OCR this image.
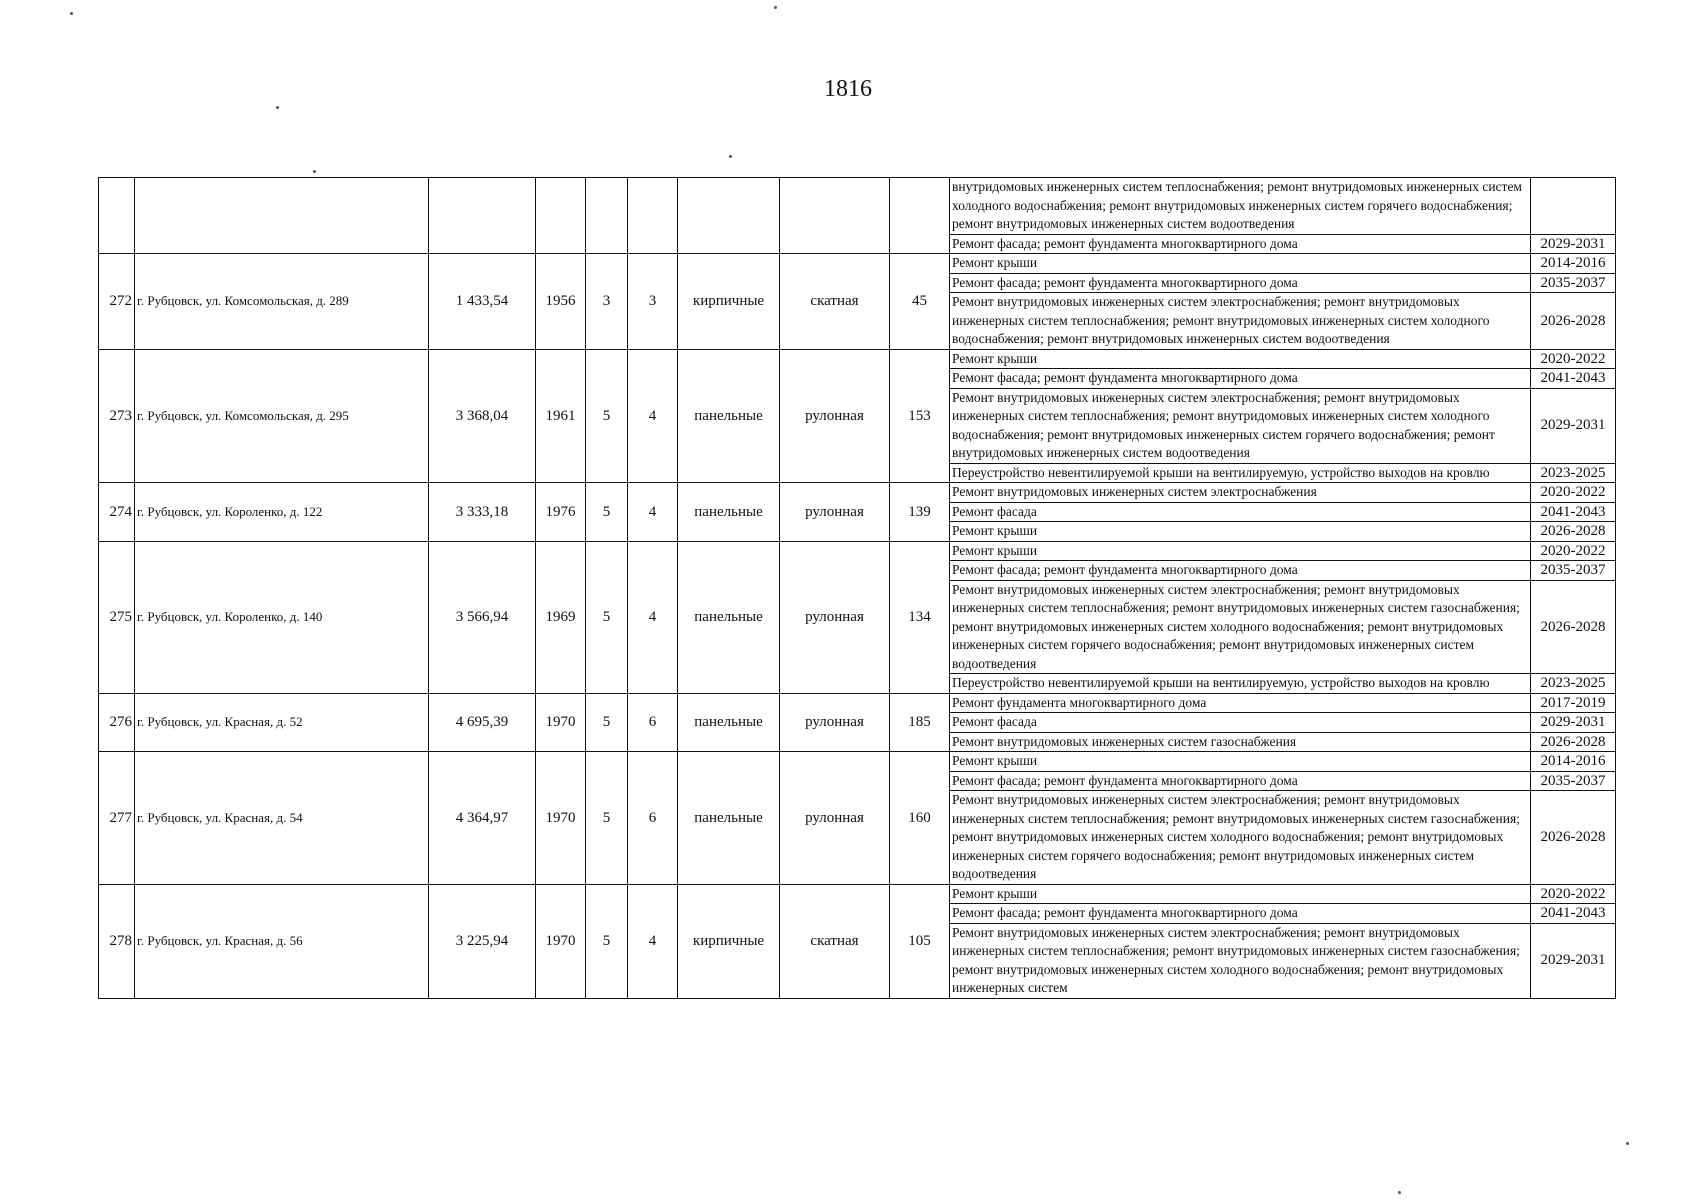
1816
									внутридомовых инженерных систем теплоснабжения; ремонт внутридомовых инженерных систем холодного водоснабжения; ремонт внутридомовых инженерных систем горячего водоснабжения; ремонт внутридомовых инженерных систем водоотведения	
									Ремонт фасада; ремонт фундамента многоквартирного дома	2029-2031
272	г. Рубцовск, ул. Комсомольская, д. 289	1 433,54	1956	3	3	кирпичные	скатная	45	Ремонт крыши	2014-2016
									Ремонт фасада; ремонт фундамента многоквартирного дома	2035-2037
									Ремонт внутридомовых инженерных систем электроснабжения; ремонт внутридомовых инженерных систем теплоснабжения; ремонт внутридомовых инженерных систем холодного водоснабжения; ремонт внутридомовых инженерных систем водоотведения	2026-2028
273	г. Рубцовск, ул. Комсомольская, д. 295	3 368,04	1961	5	4	панельные	рулонная	153	Ремонт крыши	2020-2022
									Ремонт фасада; ремонт фундамента многоквартирного дома	2041-2043
									Ремонт внутридомовых инженерных систем электроснабжения; ремонт внутридомовых инженерных систем теплоснабжения; ремонт внутридомовых инженерных систем холодного водоснабжения; ремонт внутридомовых инженерных систем горячего водоснабжения; ремонт внутридомовых инженерных систем водоотведения	2029-2031
									Переустройство невентилируемой крыши на вентилируемую, устройство выходов на кровлю	2023-2025
274	г. Рубцовск, ул. Короленко, д. 122	3 333,18	1976	5	4	панельные	рулонная	139	Ремонт внутридомовых инженерных систем электроснабжения	2020-2022
									Ремонт фасада	2041-2043
									Ремонт крыши	2026-2028
275	г. Рубцовск, ул. Короленко, д. 140	3 566,94	1969	5	4	панельные	рулонная	134	Ремонт крыши	2020-2022
									Ремонт фасада; ремонт фундамента многоквартирного дома	2035-2037
									Ремонт внутридомовых инженерных систем электроснабжения; ремонт внутридомовых инженерных систем теплоснабжения; ремонт внутридомовых инженерных систем газоснабжения; ремонт внутридомовых инженерных систем холодного водоснабжения; ремонт внутридомовых инженерных систем горячего водоснабжения; ремонт внутридомовых инженерных систем водоотведения	2026-2028
									Переустройство невентилируемой крыши на вентилируемую, устройство выходов на кровлю	2023-2025
276	г. Рубцовск, ул. Красная, д. 52	4 695,39	1970	5	6	панельные	рулонная	185	Ремонт фундамента многоквартирного дома	2017-2019
									Ремонт фасада	2029-2031
									Ремонт внутридомовых инженерных систем газоснабжения	2026-2028
277	г. Рубцовск, ул. Красная, д. 54	4 364,97	1970	5	6	панельные	рулонная	160	Ремонт крыши	2014-2016
									Ремонт фасада; ремонт фундамента многоквартирного дома	2035-2037
									Ремонт внутридомовых инженерных систем электроснабжения; ремонт внутридомовых инженерных систем теплоснабжения; ремонт внутридомовых инженерных систем газоснабжения; ремонт внутридомовых инженерных систем холодного водоснабжения; ремонт внутридомовых инженерных систем горячего водоснабжения; ремонт внутридомовых инженерных систем водоотведения	2026-2028
278	г. Рубцовск, ул. Красная, д. 56	3 225,94	1970	5	4	кирпичные	скатная	105	Ремонт крыши	2020-2022
									Ремонт фасада; ремонт фундамента многоквартирного дома	2041-2043
									Ремонт внутридомовых инженерных систем электроснабжения; ремонт внутридомовых инженерных систем теплоснабжения; ремонт внутридомовых инженерных систем газоснабжения; ремонт внутридомовых инженерных систем холодного водоснабжения; ремонт внутридомовых инженерных систем	2029-2031
